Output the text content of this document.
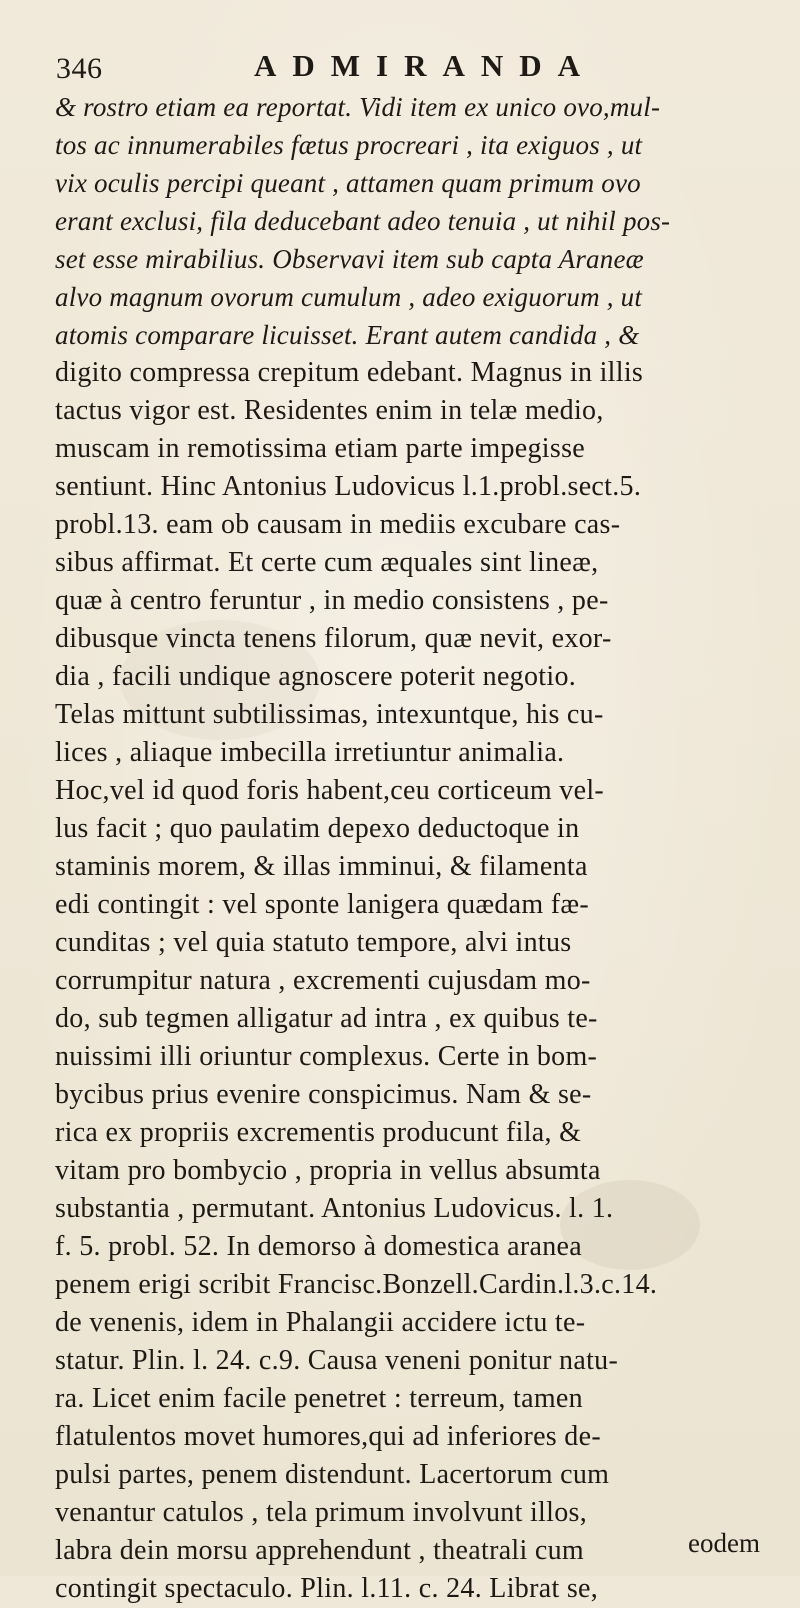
346	ADMIRANDA
& rostro etiam ea reportat. Vidi item ex unico ovo,mul-
tos ac innumerabiles fætus procreari , ita exiguos , ut
vix oculis percipi queant , attamen quam primum ovo
erant exclusi, fila deducebant adeo tenuia , ut nihil pos-
set esse mirabilius. Observavi item sub capta Araneæ
alvo magnum ovorum cumulum , adeo exiguorum , ut
atomis comparare licuisset. Erant autem candida , &
digito compressa crepitum edebant. Magnus in illis
tactus vigor est. Residentes enim in telæ medio,
muscam in remotissima etiam parte impegisse
sentiunt. Hinc Antonius Ludovicus l.1.probl.sect.5.
probl.13. eam ob causam in mediis excubare cas-
sibus affirmat. Et certe cum æquales sint lineæ,
quæ à centro feruntur , in medio consistens , pe-
dibusque vincta tenens filorum, quæ nevit, exor-
dia , facili undique agnoscere poterit negotio.
Telas mittunt subtilissimas, intexuntque, his cu-
lices , aliaque imbecilla irretiuntur animalia.
Hoc,vel id quod foris habent,ceu corticeum vel-
lus facit ; quo paulatim depexo deductoque in
staminis morem, & illas imminui, & filamenta
edi contingit : vel sponte lanigera quædam fæ-
cunditas ; vel quia statuto tempore, alvi intus
corrumpitur natura , excrementi cujusdam mo-
do, sub tegmen alligatur ad intra , ex quibus te-
nuissimi illi oriuntur complexus. Certe in bom-
bycibus prius evenire conspicimus. Nam & se-
rica ex propriis excrementis producunt fila, &
vitam pro bombycio , propria in vellus absumta
substantia , permutant. Antonius Ludovicus. l. 1.
f. 5. probl. 52. In demorso à domestica aranea
penem erigi scribit Francisc.Bonzell.Cardin.l.3.c.14.
de venenis, idem in Phalangii accidere ictu te-
statur. Plin. l. 24. c.9. Causa veneni ponitur natu-
ra. Licet enim facile penetret : terreum, tamen
flatulentos movet humores,qui ad inferiores de-
pulsi partes, penem distendunt. Lacertorum cum
venantur catulos , tela primum involvunt illos,
labra dein morsu apprehendunt , theatrali cum
contingit spectaculo. Plin. l.11. c. 24. Librat se,
eodem
